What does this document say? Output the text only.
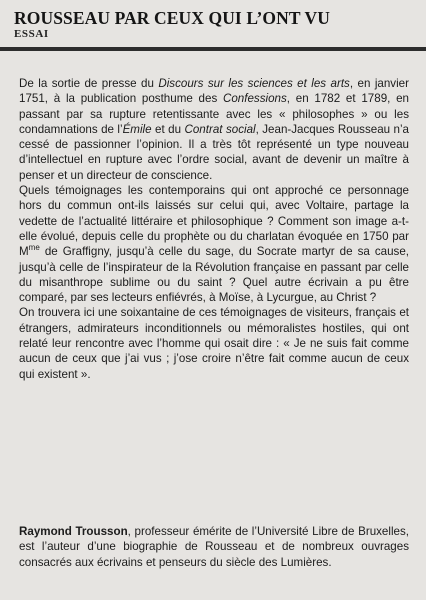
ROUSSEAU PAR CEUX QUI L’ONT VU
ESSAI

De la sortie de presse du Discours sur les sciences et les arts, en janvier 1751, à la publication posthume des Confessions, en 1782 et 1789, en passant par sa rupture retentissante avec les « philosophes » ou les condamnations de l’Émile et du Contrat social, Jean-Jacques Rousseau n’a cessé de passionner l’opinion. Il a très tôt représenté un type nouveau d’intellectuel en rupture avec l’ordre social, avant de devenir un maître à penser et un directeur de conscience.

Quels témoignages les contemporains qui ont approché ce personnage hors du commun ont-ils laissés sur celui qui, avec Voltaire, partage la vedette de l’actualité littéraire et philosophique ? Comment son image a-t-elle évolué, depuis celle du prophète ou du charlatan évoquée en 1750 par $M^{me}$ de Graffigny, jusqu’à celle du sage, du Socrate martyr de sa cause, jusqu’à celle de l’inspirateur de la Révolution française en passant par celle du misanthrope sublime ou du saint ? Quel autre écrivain a pu être comparé, par ses lecteurs enfiévrés, à Moïse, à Lycurgue, au Christ ?

On trouvera ici une soixantaine de ces témoignages de visiteurs, français et étrangers, admirateurs inconditionnels ou mémoralistes hostiles, qui ont relaté leur rencontre avec l’homme qui osait dire : « Je ne suis fait comme aucun de ceux que j’ai vus ; j’ose croire n’être fait comme aucun de ceux qui existent ».

Raymond Trousson, professeur émérite de l’Université Libre de Bruxelles, est l’auteur d’une biographie de Rousseau et de nombreux ouvrages consacrés aux écrivains et penseurs du siècle des Lumières.
